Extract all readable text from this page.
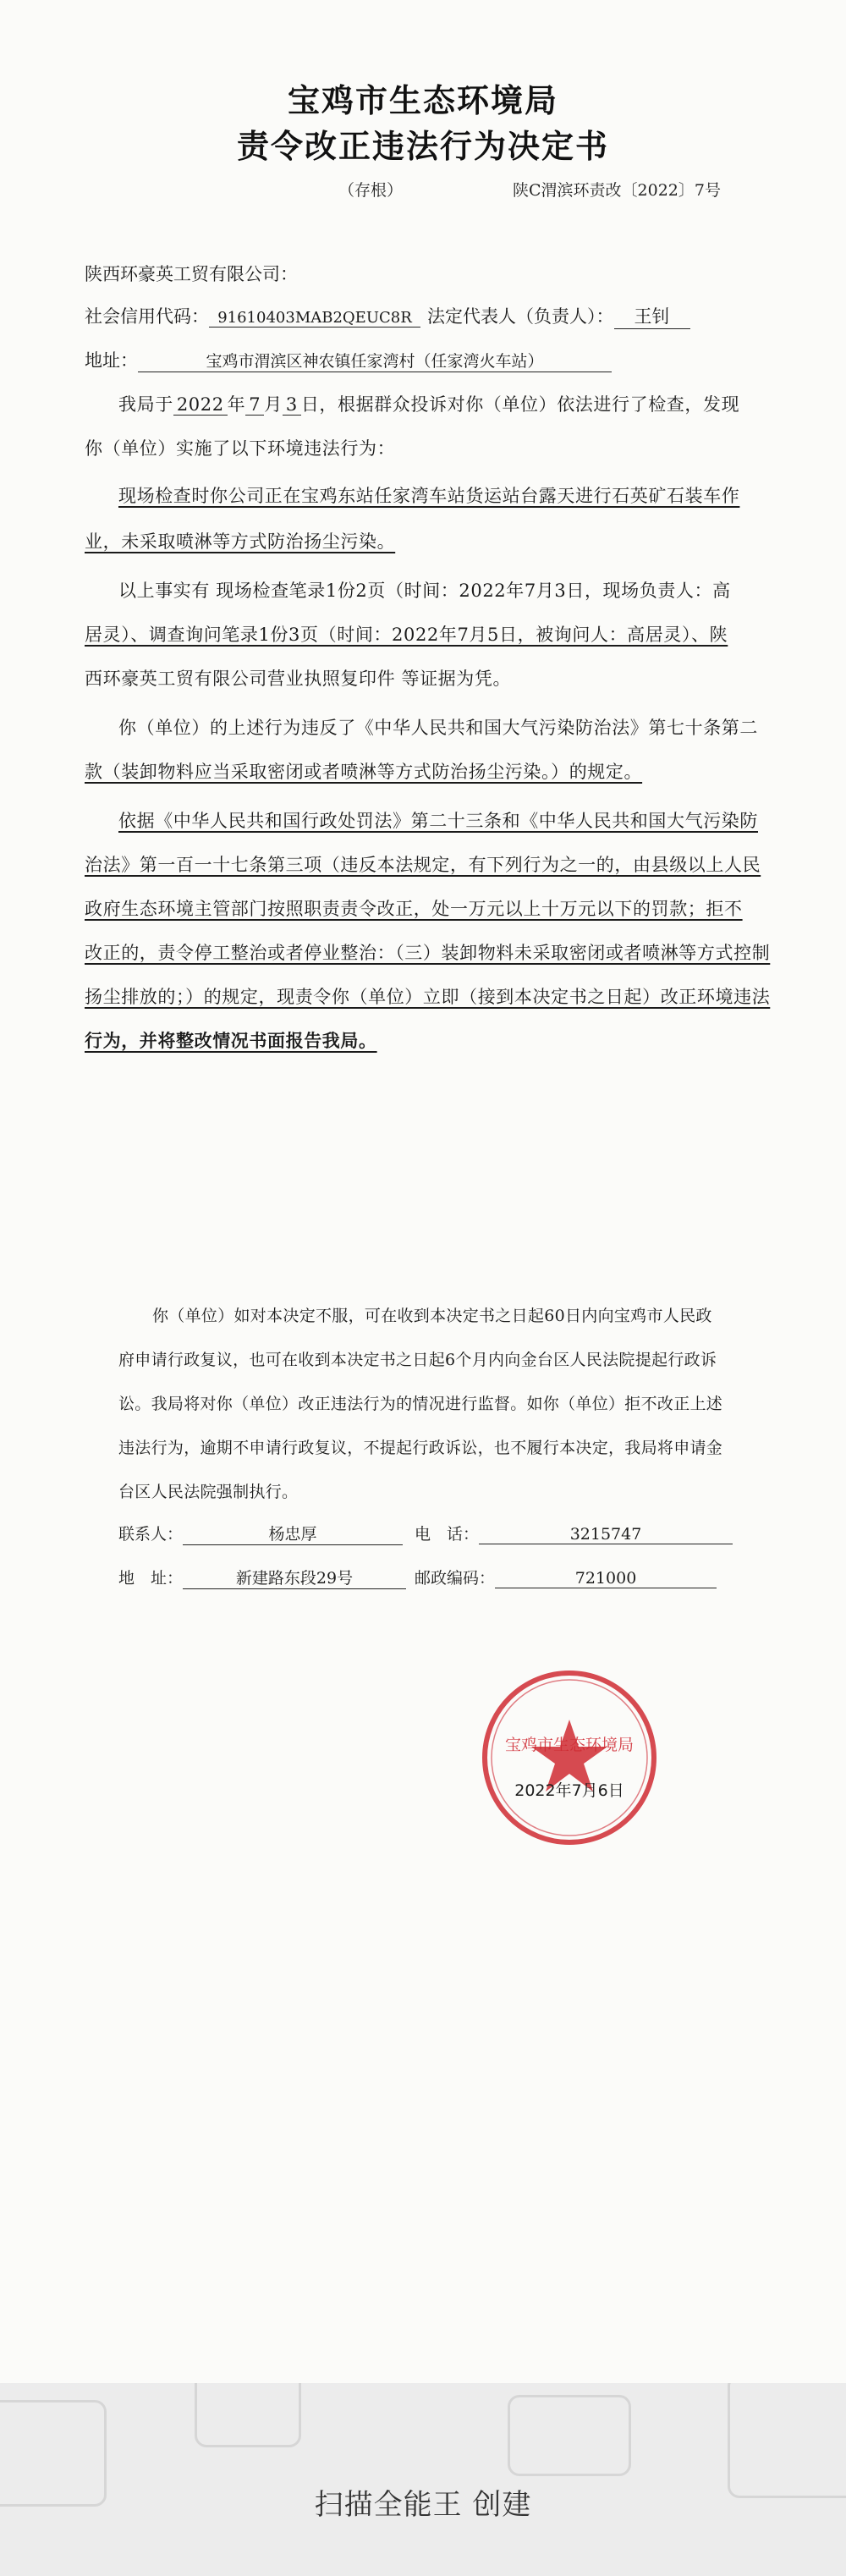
宝鸡市生态环境局
责令改正违法行为决定书
（存根）	陕C渭滨环责改〔2022〕7号
陕西环豪英工贸有限公司：
社会信用代码： 91610403MAB2QEUC8R 法定代表人（负责人）： 王钊
地址：	宝鸡市渭滨区神农镇任家湾村（任家湾火车站）
我局于 2022 年 7 月 3 日，根据群众投诉对你（单位）依法进行了检查，发现
你（单位）实施了以下环境违法行为：
现场检查时你公司正在宝鸡东站任家湾车站货运站台露天进行石英矿石装车作
业，未采取喷淋等方式防治扬尘污染。
以上事实有 现场检查笔录1份2页（时间：2022年7月3日，现场负责人：高
居灵）、调查询问笔录1份3页（时间：2022年7月5日，被询问人：高居灵）、陕
西环豪英工贸有限公司营业执照复印件 等证据为凭。
你（单位）的上述行为违反了《中华人民共和国大气污染防治法》第七十条第二
款（装卸物料应当采取密闭或者喷淋等方式防治扬尘污染。）的规定。
依据《中华人民共和国行政处罚法》第二十三条和《中华人民共和国大气污染防
治法》第一百一十七条第三项（违反本法规定，有下列行为之一的，由县级以上人民
政府生态环境主管部门按照职责责令改正，处一万元以上十万元以下的罚款；拒不
改正的，责令停工整治或者停业整治：（三）装卸物料未采取密闭或者喷淋等方式控制
扬尘排放的；）的规定，现责令你（单位）立即（接到本决定书之日起）改正环境违法
行为，并将整改情况书面报告我局。
你（单位）如对本决定不服，可在收到本决定书之日起60日内向宝鸡市人民政
府申请行政复议，也可在收到本决定书之日起6个月内向金台区人民法院提起行政诉
讼。我局将对你（单位）改正违法行为的情况进行监督。如你（单位）拒不改正上述
违法行为，逾期不申请行政复议，不提起行政诉讼，也不履行本决定，我局将申请金
台区人民法院强制执行。
联系人：	杨忠厚	电　话：	3215747
地　址：	新建路东段29号	邮政编码：	721000
宝鸡市生态环境局
2022年7月6日
扫描全能王 创建
